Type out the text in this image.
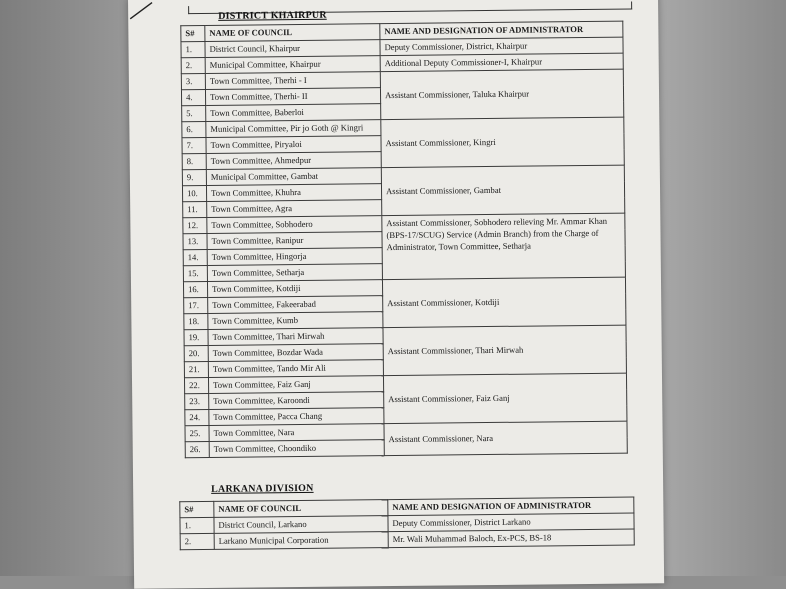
DISTRICT KHAIRPUR
S#	NAME OF COUNCIL	NAME AND DESIGNATION OF ADMINISTRATOR
1.	District Council, Khairpur	Deputy Commissioner, District, Khairpur
2.	Municipal Committee, Khairpur	Additional Deputy Commissioner-I, Khairpur
3.	Town Committee, Therhi - I	Assistant Commissioner, Taluka Khairpur
4.	Town Committee, Therhi- II	
5.	Town Committee, Baberloi	
6.	Municipal Committee, Pir jo Goth @ Kingri	Assistant Commissioner, Kingri
7.	Town Committee, Piryaloi	
8.	Town Committee, Ahmedpur	
9.	Municipal Committee, Gambat	Assistant Commissioner, Gambat
10.	Town Committee, Khuhra	
11.	Town Committee, Agra	
12.	Town Committee, Sobhodero	Assistant Commissioner, Sobhodero relieving Mr. Ammar Khan (BPS-17/SCUG) Service (Admin Branch) from the Charge of Administrator, Town Committee, Setharja
13.	Town Committee, Ranipur	
14.	Town Committee, Hingorja	
15.	Town Committee, Setharja	
16.	Town Committee, Kotdiji	Assistant Commissioner, Kotdiji
17.	Town Committee, Fakeerabad	
18.	Town Committee, Kumb	
19.	Town Committee, Thari Mirwah	Assistant Commissioner, Thari Mirwah
20.	Town Committee, Bozdar Wada	
21.	Town Committee, Tando Mir Ali	
22.	Town Committee, Faiz Ganj	Assistant Commissioner, Faiz Ganj
23.	Town Committee, Karoondi	
24.	Town Committee, Pacca Chang	
25.	Town Committee, Nara	Assistant Commissioner, Nara
26.	Town Committee, Choondiko	
LARKANA DIVISION
S#	NAME OF COUNCIL	NAME AND DESIGNATION OF ADMINISTRATOR
1.	District Council, Larkano	Deputy Commissioner, District Larkano
2.	Larkano Municipal Corporation	Mr. Wali Muhammad Baloch, Ex-PCS, BS-18
